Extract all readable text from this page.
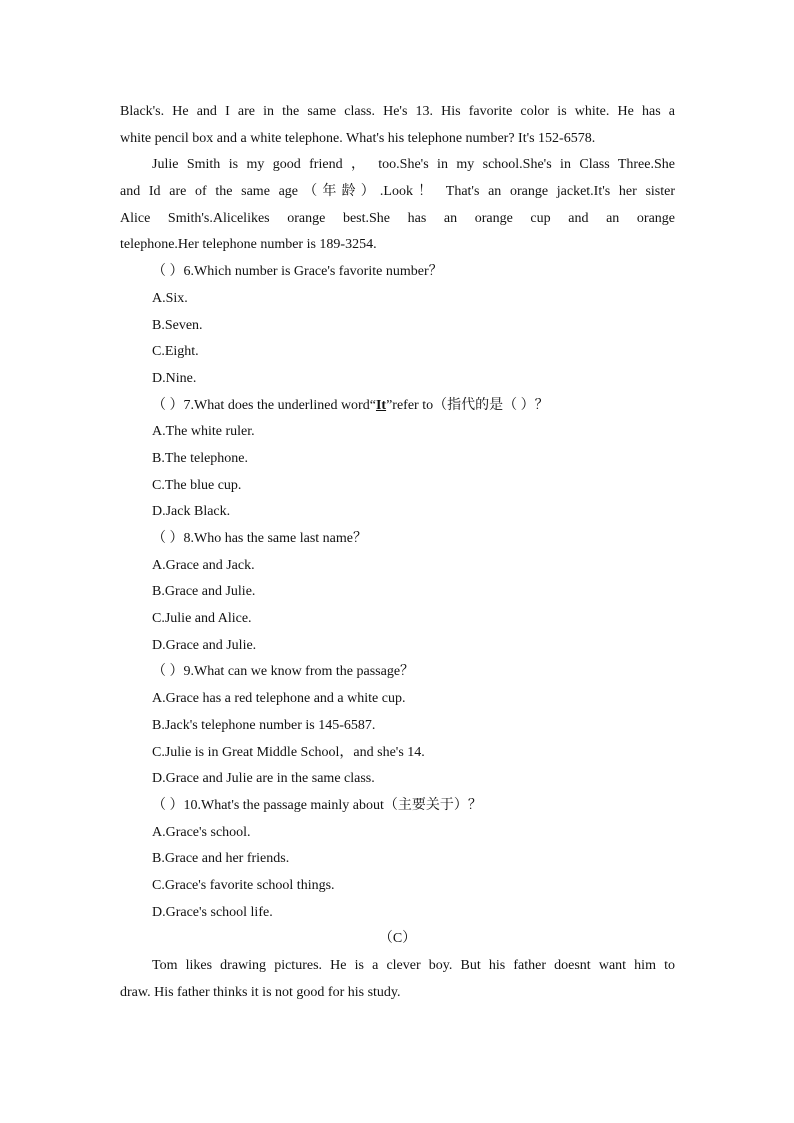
Black's. He and I are in the same class. He's 13. His favorite color is white. He has a
white pencil box and a white telephone. What's his telephone number? It's 152-6578.
Julie Smith is my good friend ， too.She's in my school.She's in Class Three.She
and Id are of the same age（年龄）.Look！ That's an orange jacket.It's her sister
Alice Smith's.Alicelikes orange best.She has an orange cup and an orange
telephone.Her telephone number is 189-3254.
（ ）6.Which number is Grace's favorite number？
A.Six.
B.Seven.
C.Eight.
D.Nine.
（ ）7.What does the underlined word“It”refer to（指代的是（ ）？
A.The white ruler.
B.The telephone.
C.The blue cup.
D.Jack Black.
（ ）8.Who has the same last name？
A.Grace and Jack.
B.Grace and Julie.
C.Julie and Alice.
D.Grace and Julie.
（ ）9.What can we know from the passage？
A.Grace has a red telephone and a white cup.
B.Jack's telephone number is 145-6587.
C.Julie is in Great Middle School，and she's 14.
D.Grace and Julie are in the same class.
（ ）10.What's the passage mainly about（主要关于）？
A.Grace's school.
B.Grace and her friends.
C.Grace's favorite school things.
D.Grace's school life.
（C）
Tom likes drawing pictures. He is a clever boy. But his father doesnt want him to
draw. His father thinks it is not good for his study.
